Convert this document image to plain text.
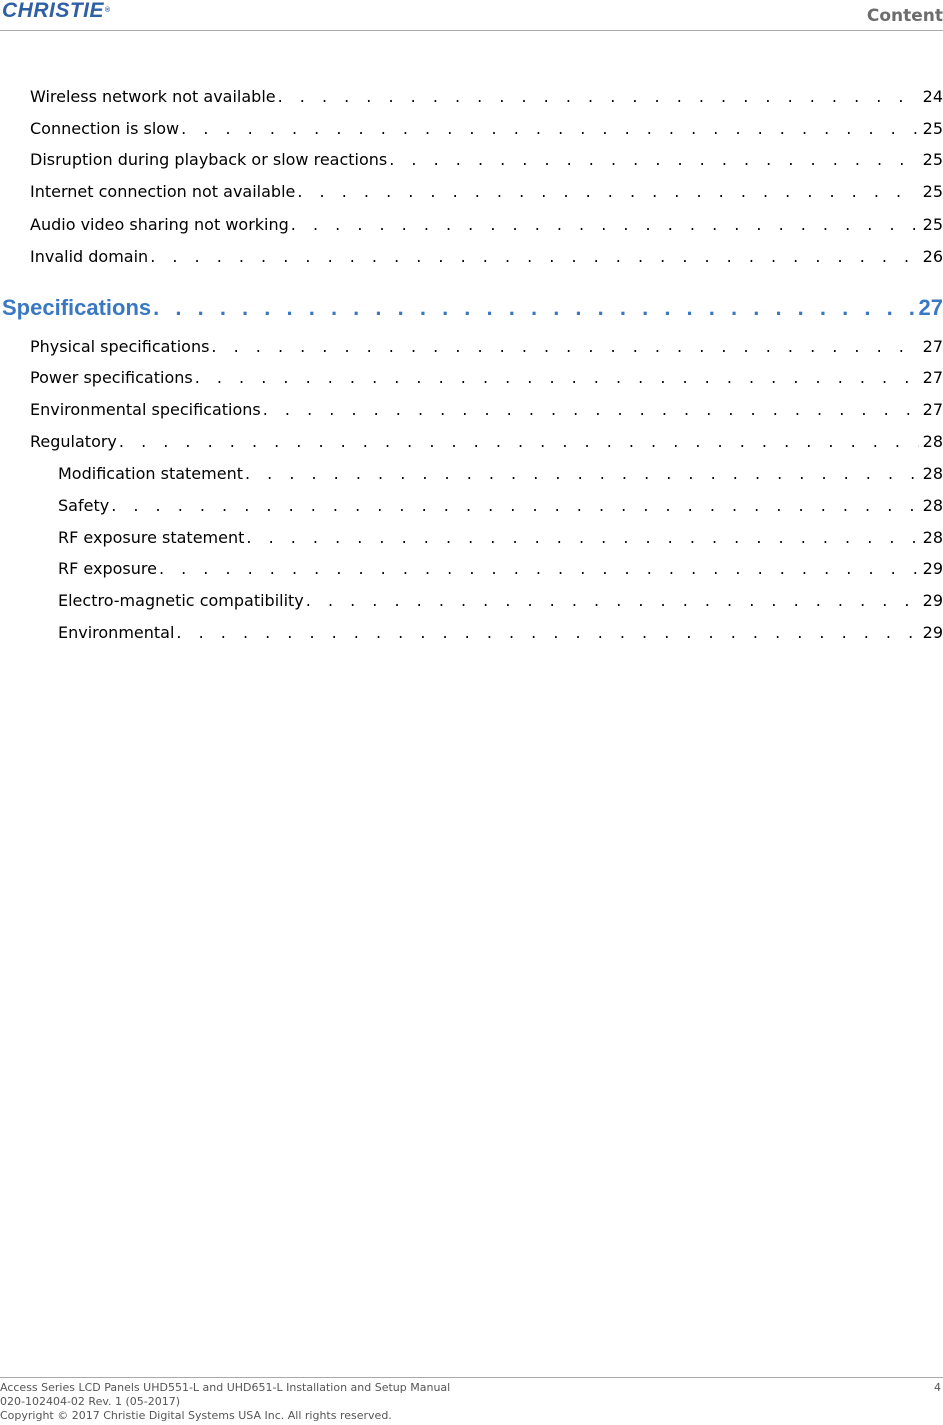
CHRISTIE®	Content
Wireless network not available . . .	24
Connection is slow . . .	25
Disruption during playback or slow reactions . . .	25
Internet connection not available . . .	25
Audio video sharing not working . . .	25
Invalid domain . . .	26
Specifications . . .	27
Physical specifications . . .	27
Power specifications . . .	27
Environmental specifications . . .	27
Regulatory . . .	28
Modification statement . . .	28
Safety . . .	28
RF exposure statement . . .	28
RF exposure . . .	29
Electro-magnetic compatibility . . .	29
Environmental . . .	29
Access Series LCD Panels UHD551-L and UHD651-L Installation and Setup Manual
020-102404-02 Rev. 1 (05-2017)
Copyright © 2017 Christie Digital Systems USA Inc. All rights reserved.
4
